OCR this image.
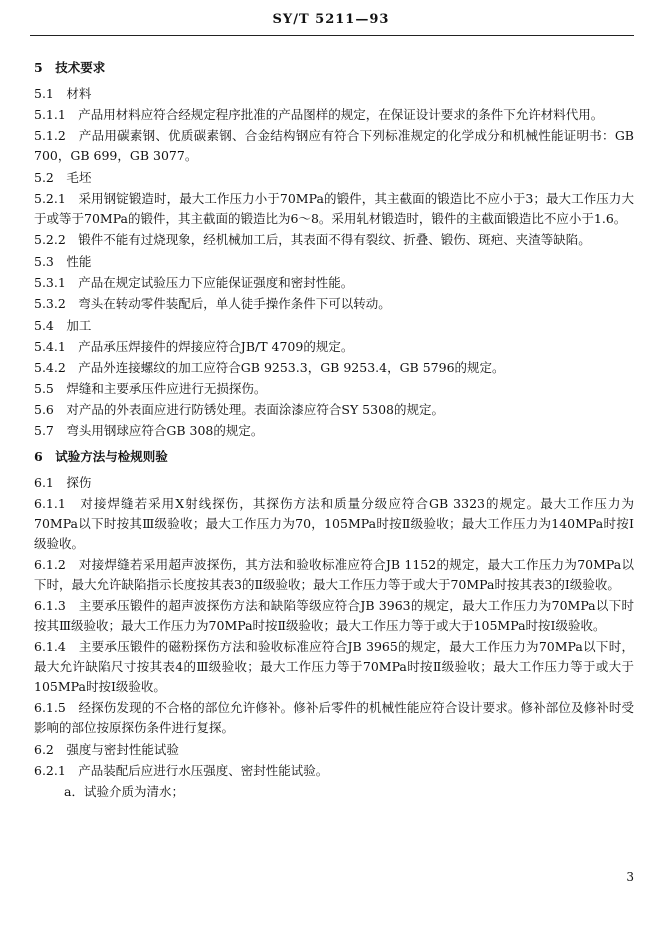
SY/T 5211—93
5　技术要求
5.1　材料
5.1.1　产品用材料应符合经规定程序批准的产品图样的规定，在保证设计要求的条件下允许材料代用。
5.1.2　产品用碳素钢、优质碳素钢、合金结构钢应有符合下列标准规定的化学成分和机械性能证明书：GB 700，GB 699，GB 3077。
5.2　毛坯
5.2.1　采用钢锭锻造时，最大工作压力小于70MPa的锻件，其主截面的锻造比不应小于3；最大工作压力大于或等于70MPa的锻件，其主截面的锻造比为6～8。采用轧材锻造时，锻件的主截面锻造比不应小于1.6。
5.2.2　锻件不能有过烧现象，经机械加工后，其表面不得有裂纹、折叠、锻伤、斑疤、夹渣等缺陷。
5.3　性能
5.3.1　产品在规定试验压力下应能保证强度和密封性能。
5.3.2　弯头在转动零件装配后，单人徒手操作条件下可以转动。
5.4　加工
5.4.1　产品承压焊接件的焊接应符合JB/T 4709的规定。
5.4.2　产品外连接螺纹的加工应符合GB 9253.3，GB 9253.4，GB 5796的规定。
5.5　焊缝和主要承压件应进行无损探伤。
5.6　对产品的外表面应进行防锈处理。表面涂漆应符合SY 5308的规定。
5.7　弯头用钢球应符合GB 308的规定。
6　试验方法与检规则验
6.1　探伤
6.1.1　对接焊缝若采用X射线探伤，其探伤方法和质量分级应符合GB 3323的规定。最大工作压力为70MPa以下时按其Ⅲ级验收；最大工作压力为70，105MPa时按Ⅱ级验收；最大工作压力为140MPa时按Ⅰ级验收。
6.1.2　对接焊缝若采用超声波探伤，其方法和验收标准应符合JB 1152的规定，最大工作压力为70MPa以下时，最大允许缺陷指示长度按其表3的Ⅱ级验收；最大工作压力等于或大于70MPa时按其表3的Ⅰ级验收。
6.1.3　主要承压锻件的超声波探伤方法和缺陷等级应符合JB 3963的规定，最大工作压力为70MPa以下时按其Ⅲ级验收；最大工作压力为70MPa时按Ⅱ级验收；最大工作压力等于或大于105MPa时按Ⅰ级验收。
6.1.4　主要承压锻件的磁粉探伤方法和验收标准应符合JB 3965的规定，最大工作压力为70MPa以下时，最大允许缺陷尺寸按其表4的Ⅲ级验收；最大工作压力等于70MPa时按Ⅱ级验收；最大工作压力等于或大于105MPa时按Ⅰ级验收。
6.1.5　经探伤发现的不合格的部位允许修补。修补后零件的机械性能应符合设计要求。修补部位及修补时受影响的部位按原探伤条件进行复探。
6.2　强度与密封性能试验
6.2.1　产品装配后应进行水压强度、密封性能试验。
a．试验介质为清水；
3
